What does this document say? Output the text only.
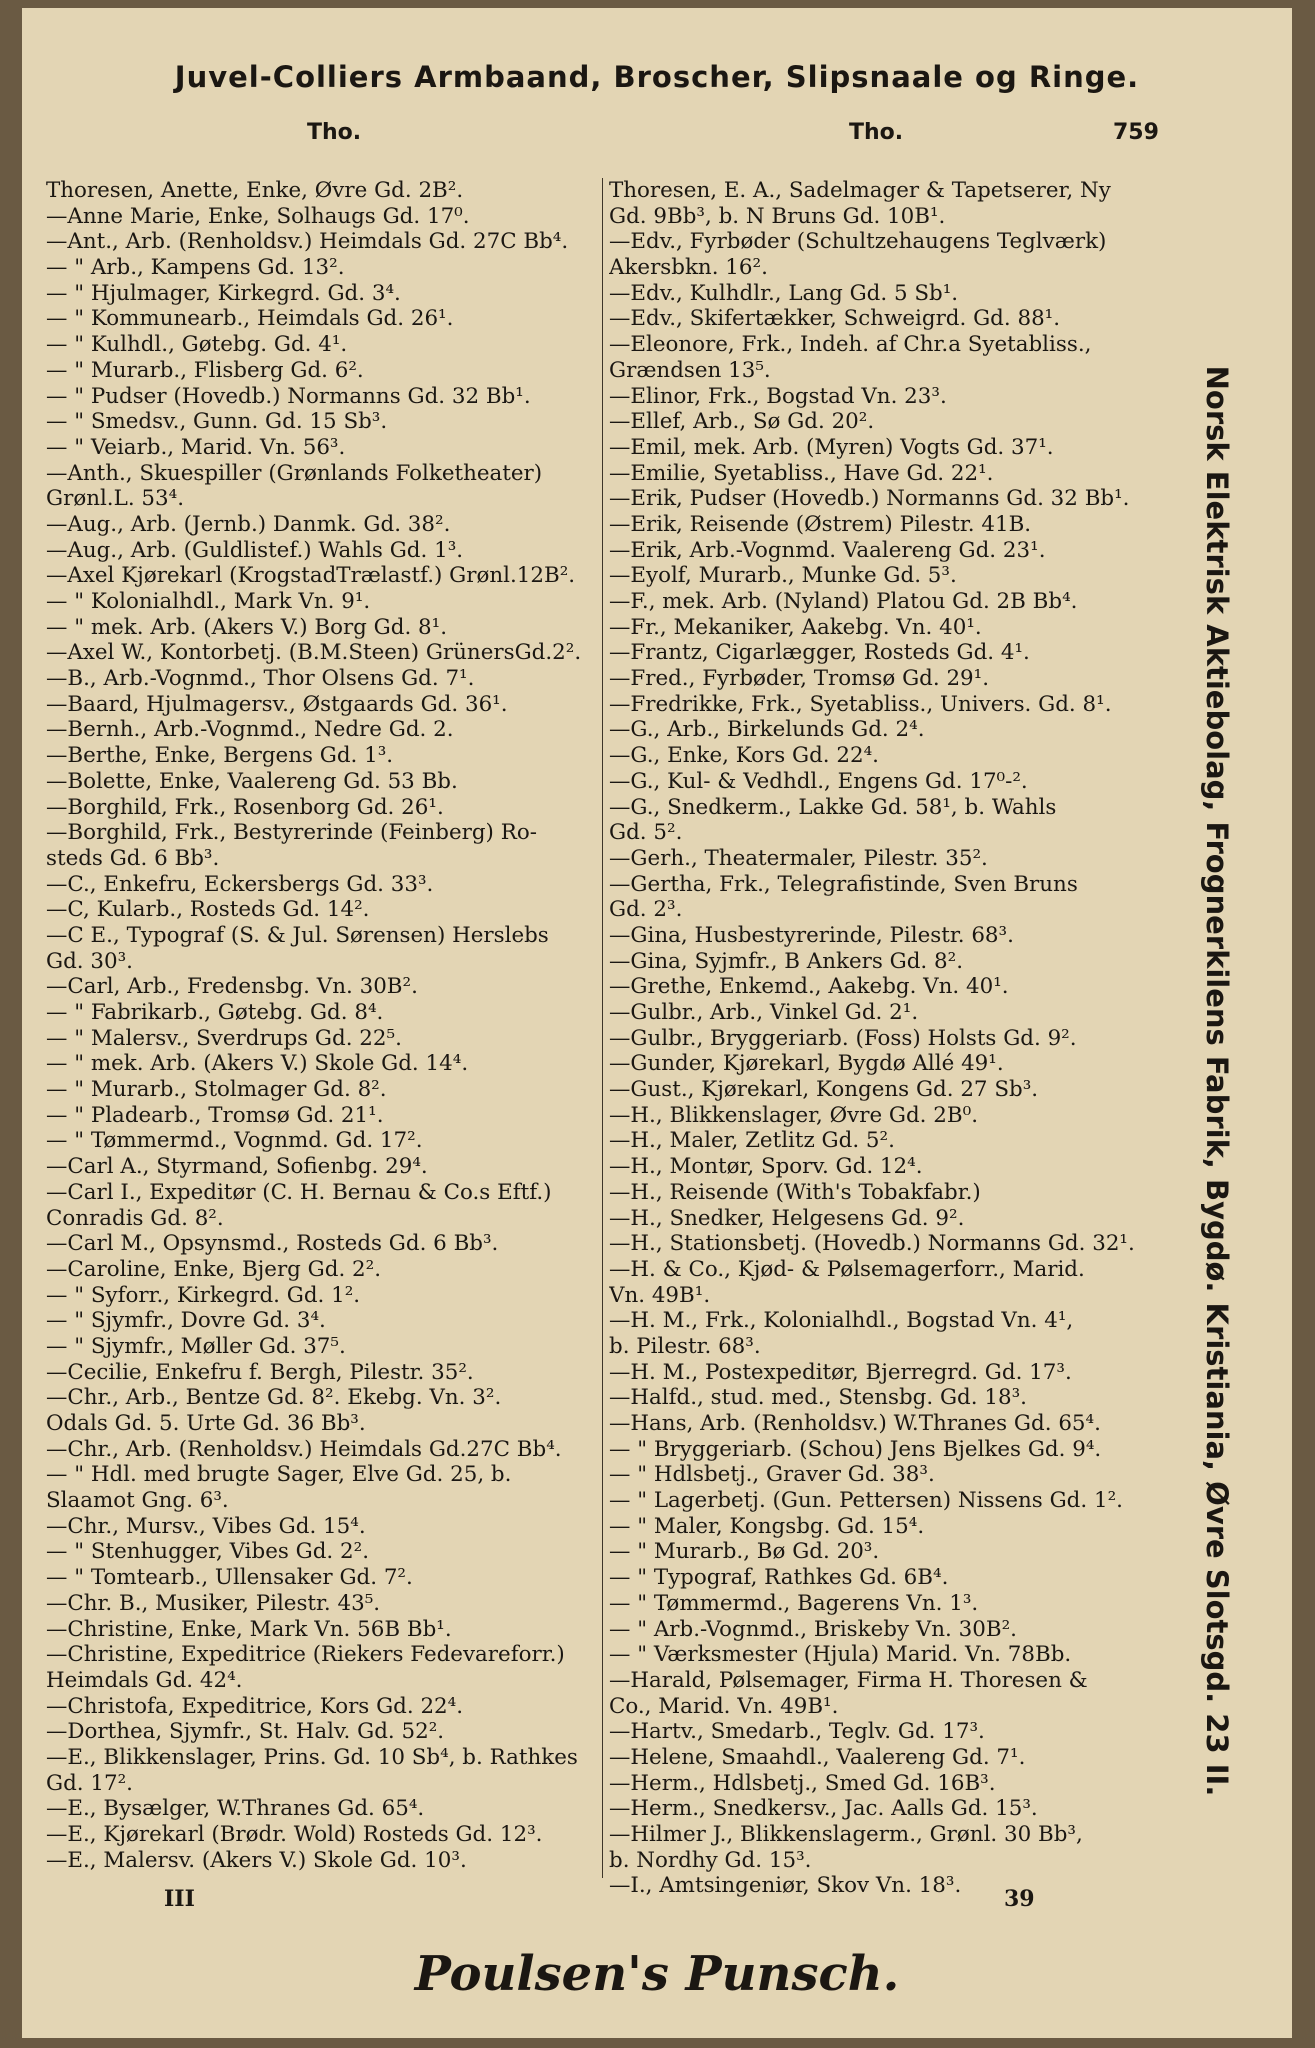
Juvel-Colliers Armbaand, Broscher, Slipsnaale og Ringe.
Tho.	Tho.	759
Thoresen, Anette, Enke, Øvre Gd. 2B².
—Anne Marie, Enke, Solhaugs Gd. 17⁰.
—Ant., Arb. (Renholdsv.) Heimdals Gd. 27C Bb⁴.
— " Arb., Kampens Gd. 13².
— " Hjulmager, Kirkegrd. Gd. 3⁴.
— " Kommunearb., Heimdals Gd. 26¹.
— " Kulhdl., Gøtebg. Gd. 4¹.
— " Murarb., Flisberg Gd. 6².
— " Pudser (Hovedb.) Normanns Gd. 32 Bb¹.
— " Smedsv., Gunn. Gd. 15 Sb³.
— " Veiarb., Marid. Vn. 56³.
—Anth., Skuespiller (Grønlands Folketheater)
Grønl.L. 53⁴.
—Aug., Arb. (Jernb.) Danmk. Gd. 38².
—Aug., Arb. (Guldlistef.) Wahls Gd. 1³.
—Axel Kjørekarl (KrogstadTrælastf.) Grønl.12B².
— " Kolonialhdl., Mark Vn. 9¹.
— " mek. Arb. (Akers V.) Borg Gd. 8¹.
—Axel W., Kontorbetj. (B.M.Steen) GrünersGd.2².
—B., Arb.-Vognmd., Thor Olsens Gd. 7¹.
—Baard, Hjulmagersv., Østgaards Gd. 36¹.
—Bernh., Arb.-Vognmd., Nedre Gd. 2.
—Berthe, Enke, Bergens Gd. 1³.
—Bolette, Enke, Vaalereng Gd. 53 Bb.
—Borghild, Frk., Rosenborg Gd. 26¹.
—Borghild, Frk., Bestyrerinde (Feinberg) Ro-
steds Gd. 6 Bb³.
—C., Enkefru, Eckersbergs Gd. 33³.
—C, Kularb., Rosteds Gd. 14².
—C E., Typograf (S. & Jul. Sørensen) Herslebs
Gd. 30³.
—Carl, Arb., Fredensbg. Vn. 30B².
— " Fabrikarb., Gøtebg. Gd. 8⁴.
— " Malersv., Sverdrups Gd. 22⁵.
— " mek. Arb. (Akers V.) Skole Gd. 14⁴.
— " Murarb., Stolmager Gd. 8².
— " Pladearb., Tromsø Gd. 21¹.
— " Tømmermd., Vognmd. Gd. 17².
—Carl A., Styrmand, Sofienbg. 29⁴.
—Carl I., Expeditør (C. H. Bernau & Co.s Eftf.)
Conradis Gd. 8².
—Carl M., Opsynsmd., Rosteds Gd. 6 Bb³.
—Caroline, Enke, Bjerg Gd. 2².
— " Syforr., Kirkegrd. Gd. 1².
— " Sjymfr., Dovre Gd. 3⁴.
— " Sjymfr., Møller Gd. 37⁵.
—Cecilie, Enkefru f. Bergh, Pilestr. 35².
—Chr., Arb., Bentze Gd. 8². Ekebg. Vn. 3².
Odals Gd. 5. Urte Gd. 36 Bb³.
—Chr., Arb. (Renholdsv.) Heimdals Gd.27C Bb⁴.
— " Hdl. med brugte Sager, Elve Gd. 25, b.
Slaamot Gng. 6³.
—Chr., Mursv., Vibes Gd. 15⁴.
— " Stenhugger, Vibes Gd. 2².
— " Tomtearb., Ullensaker Gd. 7².
—Chr. B., Musiker, Pilestr. 43⁵.
—Christine, Enke, Mark Vn. 56B Bb¹.
—Christine, Expeditrice (Riekers Fedevareforr.)
Heimdals Gd. 42⁴.
—Christofa, Expeditrice, Kors Gd. 22⁴.
—Dorthea, Sjymfr., St. Halv. Gd. 52².
—E., Blikkenslager, Prins. Gd. 10 Sb⁴, b. Rathkes
Gd. 17².
—E., Bysælger, W.Thranes Gd. 65⁴.
—E., Kjørekarl (Brødr. Wold) Rosteds Gd. 12³.
—E., Malersv. (Akers V.) Skole Gd. 10³.
Thoresen, E. A., Sadelmager & Tapetserer, Ny
Gd. 9Bb³, b. N Bruns Gd. 10B¹.
—Edv., Fyrbøder (Schultzehaugens Teglværk)
Akersbkn. 16².
—Edv., Kulhdlr., Lang Gd. 5 Sb¹.
—Edv., Skifertækker, Schweigrd. Gd. 88¹.
—Eleonore, Frk., Indeh. af Chr.a Syetabliss.,
Grændsen 13⁵.
—Elinor, Frk., Bogstad Vn. 23³.
—Ellef, Arb., Sø Gd. 20².
—Emil, mek. Arb. (Myren) Vogts Gd. 37¹.
—Emilie, Syetabliss., Have Gd. 22¹.
—Erik, Pudser (Hovedb.) Normanns Gd. 32 Bb¹.
—Erik, Reisende (Østrem) Pilestr. 41B.
—Erik, Arb.-Vognmd. Vaalereng Gd. 23¹.
—Eyolf, Murarb., Munke Gd. 5³.
—F., mek. Arb. (Nyland) Platou Gd. 2B Bb⁴.
—Fr., Mekaniker, Aakebg. Vn. 40¹.
—Frantz, Cigarlægger, Rosteds Gd. 4¹.
—Fred., Fyrbøder, Tromsø Gd. 29¹.
—Fredrikke, Frk., Syetabliss., Univers. Gd. 8¹.
—G., Arb., Birkelunds Gd. 2⁴.
—G., Enke, Kors Gd. 22⁴.
—G., Kul- & Vedhdl., Engens Gd. 17⁰-².
—G., Snedkerm., Lakke Gd. 58¹, b. Wahls
Gd. 5².
—Gerh., Theatermaler, Pilestr. 35².
—Gertha, Frk., Telegrafistinde, Sven Bruns
Gd. 2³.
—Gina, Husbestyrerinde, Pilestr. 68³.
—Gina, Syjmfr., B Ankers Gd. 8².
—Grethe, Enkemd., Aakebg. Vn. 40¹.
—Gulbr., Arb., Vinkel Gd. 2¹.
—Gulbr., Bryggeriarb. (Foss) Holsts Gd. 9².
—Gunder, Kjørekarl, Bygdø Allé 49¹.
—Gust., Kjørekarl, Kongens Gd. 27 Sb³.
—H., Blikkenslager, Øvre Gd. 2B⁰.
—H., Maler, Zetlitz Gd. 5².
—H., Montør, Sporv. Gd. 12⁴.
—H., Reisende (With's Tobakfabr.)
—H., Snedker, Helgesens Gd. 9².
—H., Stationsbetj. (Hovedb.) Normanns Gd. 32¹.
—H. & Co., Kjød- & Pølsemagerforr., Marid.
Vn. 49B¹.
—H. M., Frk., Kolonialhdl., Bogstad Vn. 4¹,
b. Pilestr. 68³.
—H. M., Postexpeditør, Bjerregrd. Gd. 17³.
—Halfd., stud. med., Stensbg. Gd. 18³.
—Hans, Arb. (Renholdsv.) W.Thranes Gd. 65⁴.
— " Bryggeriarb. (Schou) Jens Bjelkes Gd. 9⁴.
— " Hdlsbetj., Graver Gd. 38³.
— " Lagerbetj. (Gun. Pettersen) Nissens Gd. 1².
— " Maler, Kongsbg. Gd. 15⁴.
— " Murarb., Bø Gd. 20³.
— " Typograf, Rathkes Gd. 6B⁴.
— " Tømmermd., Bagerens Vn. 1³.
— " Arb.-Vognmd., Briskeby Vn. 30B².
— " Værksmester (Hjula) Marid. Vn. 78Bb.
—Harald, Pølsemager, Firma H. Thoresen &
Co., Marid. Vn. 49B¹.
—Hartv., Smedarb., Teglv. Gd. 17³.
—Helene, Smaahdl., Vaalereng Gd. 7¹.
—Herm., Hdlsbetj., Smed Gd. 16B³.
—Herm., Snedkersv., Jac. Aalls Gd. 15³.
—Hilmer J., Blikkenslagerm., Grønl. 30 Bb³,
b. Nordhy Gd. 15³.
—I., Amtsingeniør, Skov Vn. 18³.
Norsk Elektrisk Aktiebolag, Frognerkilens Fabrik, Bygdø. Kristiania, Øvre Slotsgd. 23 II.
III	39
Poulsen's Punsch.
